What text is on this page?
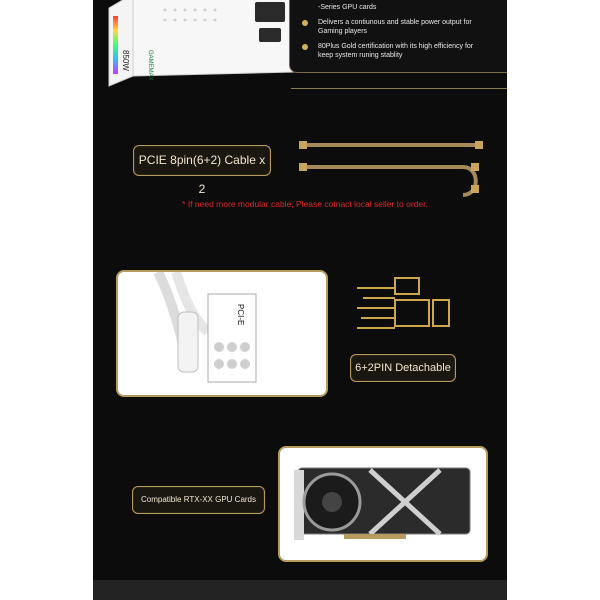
850W	GAMEMAX
-Series GPU cards
Delivers a contiunous and stable power output for Gaming players
80Plus Gold certification with its high efficiency for keep system runing stablity
PCIE 8pin(6+2) Cable x 2
* If need more modular cable, Please cotnact local seller to order.
PCI-E
6+2PIN Detachable
Compatible RTX-XX GPU Cards
